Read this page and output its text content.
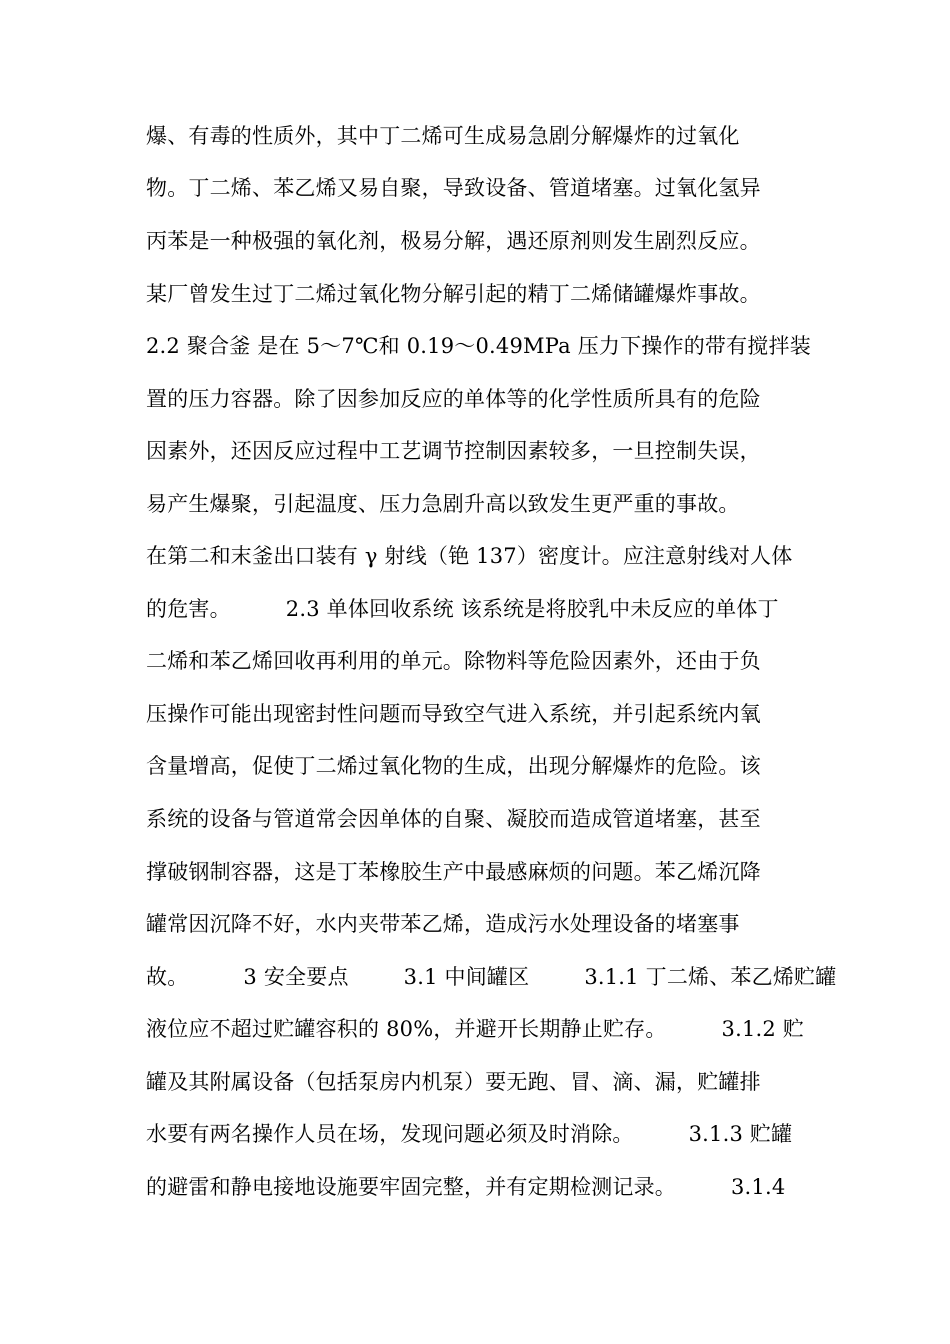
爆、有毒的性质外，其中丁二烯可生成易急剧分解爆炸的过氧化
物。丁二烯、苯乙烯又易自聚，导致设备、管道堵塞。过氧化氢异
丙苯是一种极强的氧化剂，极易分解，遇还原剂则发生剧烈反应。
某厂曾发生过丁二烯过氧化物分解引起的精丁二烯储罐爆炸事故。
2.2 聚合釜 是在 5～7℃和 0.19～0.49MPa 压力下操作的带有搅拌装
置的压力容器。除了因参加反应的单体等的化学性质所具有的危险
因素外，还因反应过程中工艺调节控制因素较多，一旦控制失误，
易产生爆聚，引起温度、压力急剧升高以致发生更严重的事故。
在第二和末釜出口装有 γ 射线（铯 137）密度计。应注意射线对人体
的危害。        2.3 单体回收系统 该系统是将胶乳中未反应的单体丁
二烯和苯乙烯回收再利用的单元。除物料等危险因素外，还由于负
压操作可能出现密封性问题而导致空气进入系统，并引起系统内氧
含量增高，促使丁二烯过氧化物的生成，出现分解爆炸的危险。该
系统的设备与管道常会因单体的自聚、凝胶而造成管道堵塞，甚至
撑破钢制容器，这是丁苯橡胶生产中最感麻烦的问题。苯乙烯沉降
罐常因沉降不好，水内夹带苯乙烯，造成污水处理设备的堵塞事
故。        3 安全要点        3.1 中间罐区        3.1.1 丁二烯、苯乙烯贮罐
液位应不超过贮罐容积的 80%，并避开长期静止贮存。        3.1.2 贮
罐及其附属设备（包括泵房内机泵）要无跑、冒、滴、漏，贮罐排
水要有两名操作人员在场，发现问题必须及时消除。        3.1.3 贮罐
的避雷和静电接地设施要牢固完整，并有定期检测记录。        3.1.4
